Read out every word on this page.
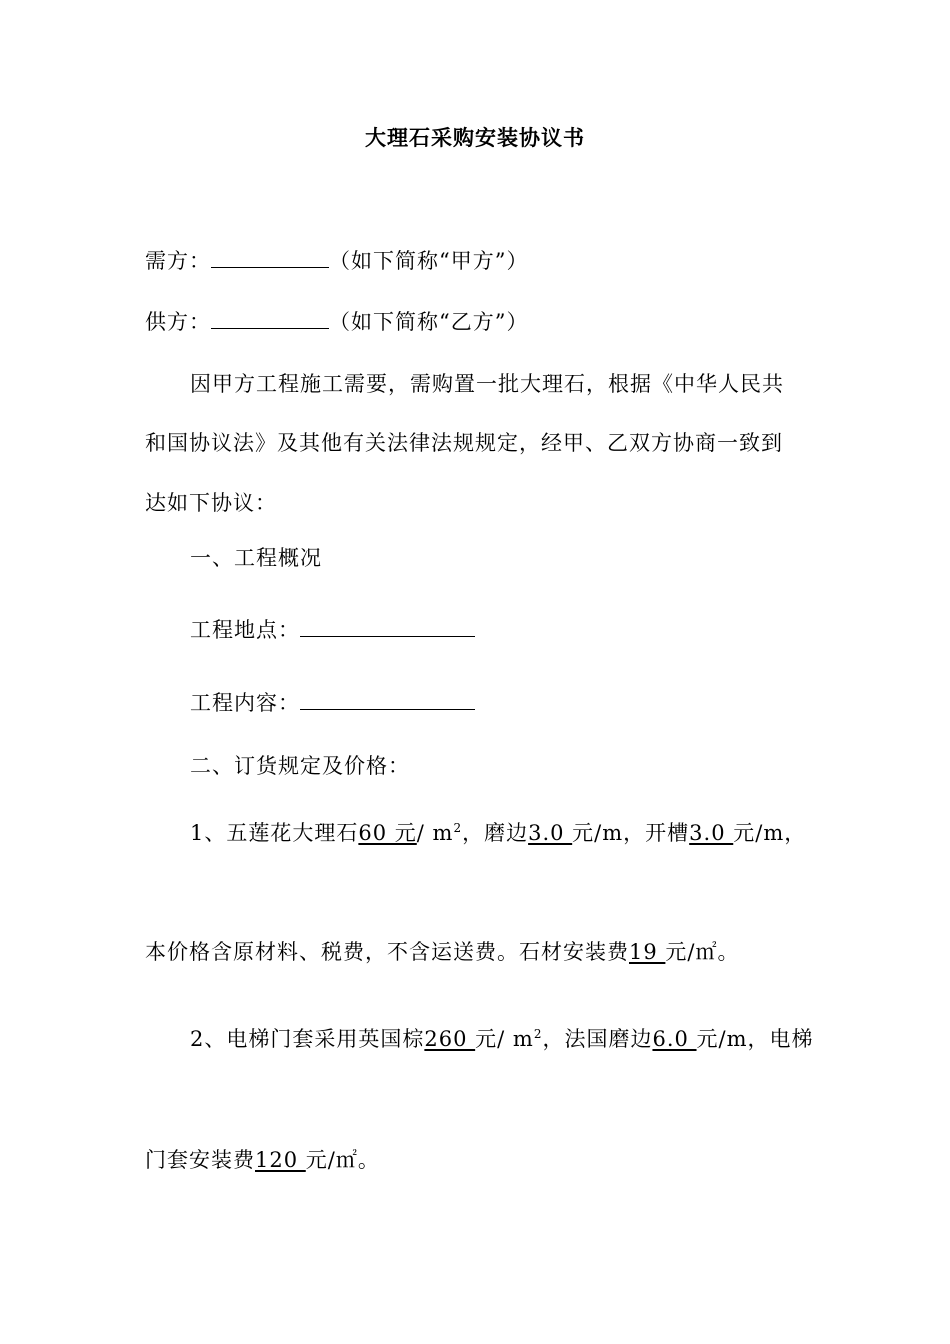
大理石采购安装协议书
需方：	（如下简称“甲方”）
供方：	（如下简称“乙方”）
因甲方工程施工需要，需购置一批大理石，根据《中华人民共
和国协议法》及其他有关法律法规规定，经甲、乙双方协商一致到
达如下协议：
一、工程概况
工程地点：
工程内容：
二、订货规定及价格：
1、五莲花大理石60 元/ $m^2$，磨边3.0 元/m，开槽3.0 元/m，
本价格含原材料、税费，不含运送费。石材安装费19 元/㎡。
2、电梯门套采用英国棕260 元/ $m^2$，法国磨边6.0 元/m，电梯
门套安装费120 元/㎡。
